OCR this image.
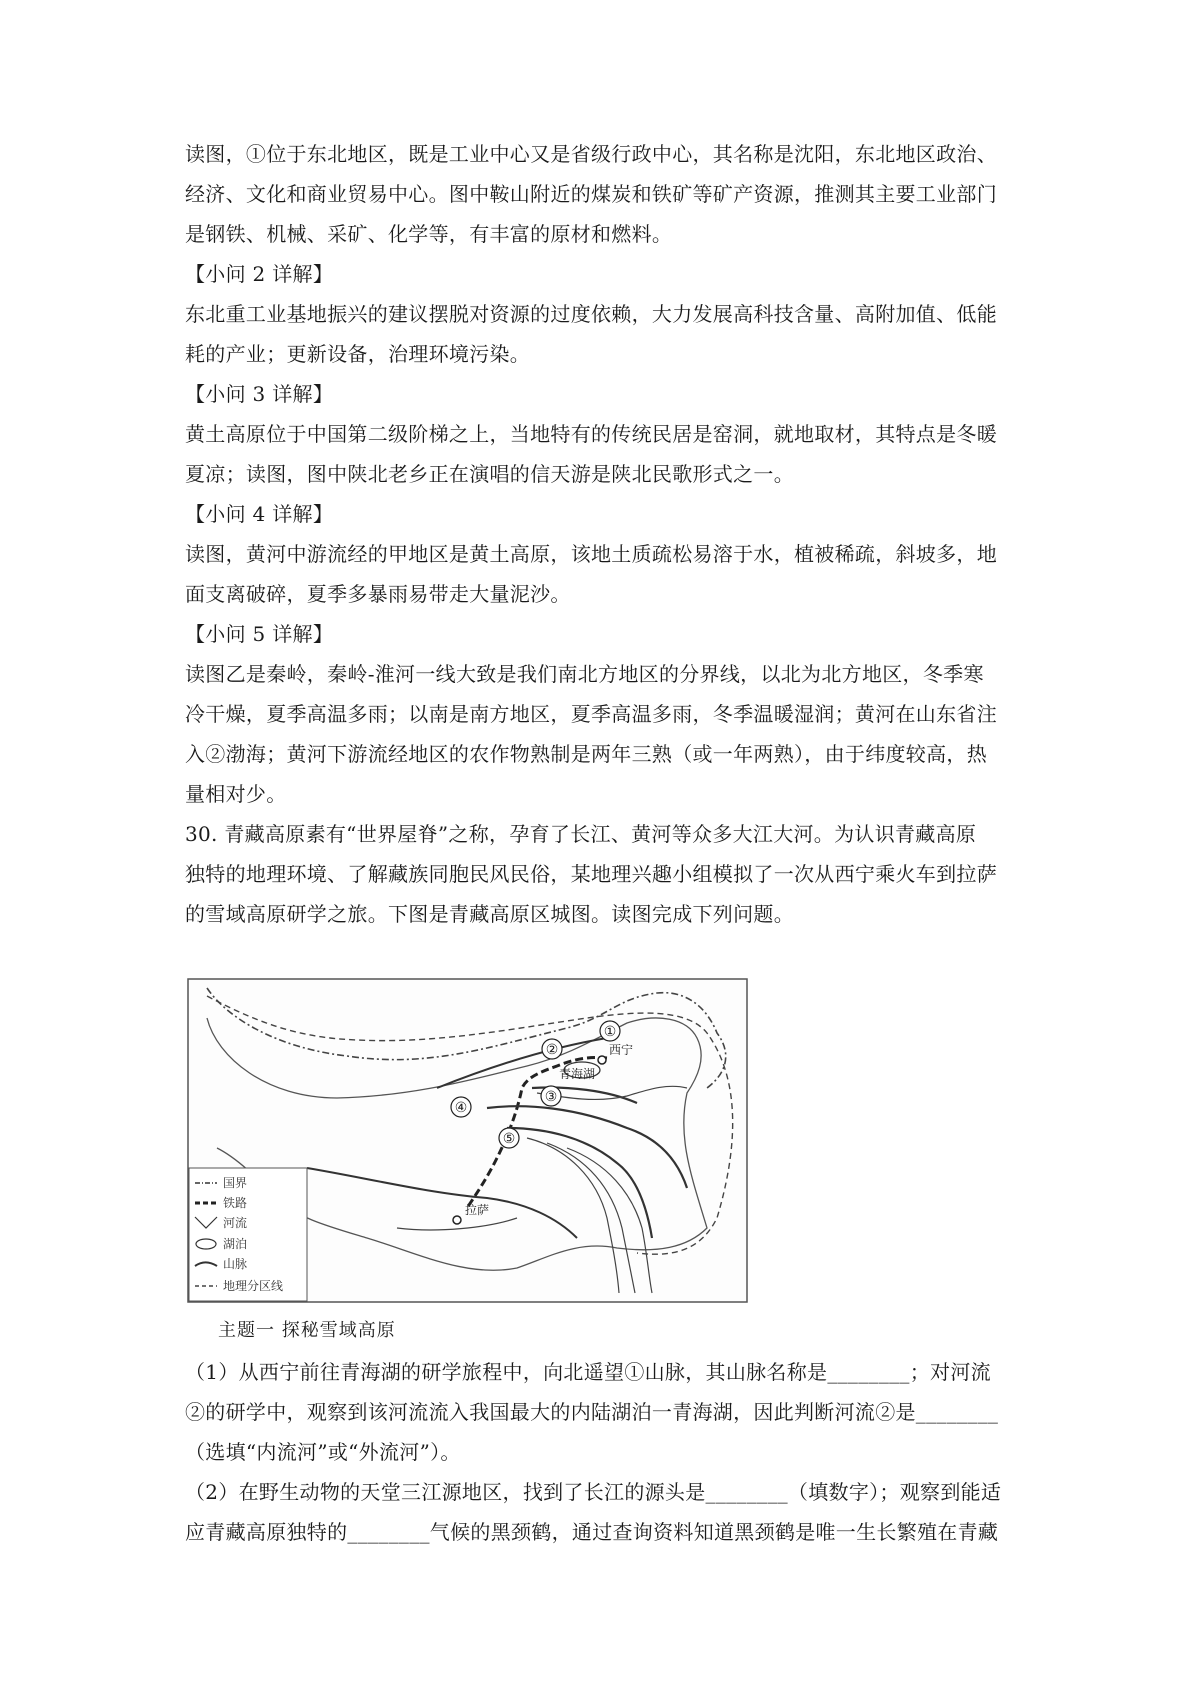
读图，①位于东北地区，既是工业中心又是省级行政中心，其名称是沈阳，东北地区政治、
经济、文化和商业贸易中心。图中鞍山附近的煤炭和铁矿等矿产资源，推测其主要工业部门
是钢铁、机械、采矿、化学等，有丰富的原材和燃料。
【小问 2 详解】
东北重工业基地振兴的建议摆脱对资源的过度依赖，大力发展高科技含量、高附加值、低能
耗的产业；更新设备，治理环境污染。
【小问 3 详解】
黄土高原位于中国第二级阶梯之上，当地特有的传统民居是窑洞，就地取材，其特点是冬暖
夏凉；读图，图中陕北老乡正在演唱的信天游是陕北民歌形式之一。
【小问 4 详解】
读图，黄河中游流经的甲地区是黄土高原，该地土质疏松易溶于水，植被稀疏，斜坡多，地
面支离破碎，夏季多暴雨易带走大量泥沙。
【小问 5 详解】
读图乙是秦岭，秦岭-淮河一线大致是我们南北方地区的分界线，以北为北方地区，冬季寒
冷干燥，夏季高温多雨；以南是南方地区，夏季高温多雨，冬季温暖湿润；黄河在山东省注
入②渤海；黄河下游流经地区的农作物熟制是两年三熟（或一年两熟），由于纬度较高，热
量相对少。
30. 青藏高原素有“世界屋脊”之称，孕育了长江、黄河等众多大江大河。为认识青藏高原
独特的地理环境、了解藏族同胞民风民俗，某地理兴趣小组模拟了一次从西宁乘火车到拉萨
的雪域高原研学之旅。下图是青藏高原区城图。读图完成下列问题。
国界
铁路
河流
湖泊
山脉
地理分区线
①
②
③
④
⑤
西宁
青海湖
拉萨
主题一 探秘雪域高原
（1）从西宁前往青海湖的研学旅程中，向北遥望①山脉，其山脉名称是________；对河流
②的研学中，观察到该河流流入我国最大的内陆湖泊一青海湖，因此判断河流②是________
（选填“内流河”或“外流河”）。
（2）在野生动物的天堂三江源地区，找到了长江的源头是________（填数字）；观察到能适
应青藏高原独特的________气候的黑颈鹤，通过查询资料知道黑颈鹤是唯一生长繁殖在青藏
